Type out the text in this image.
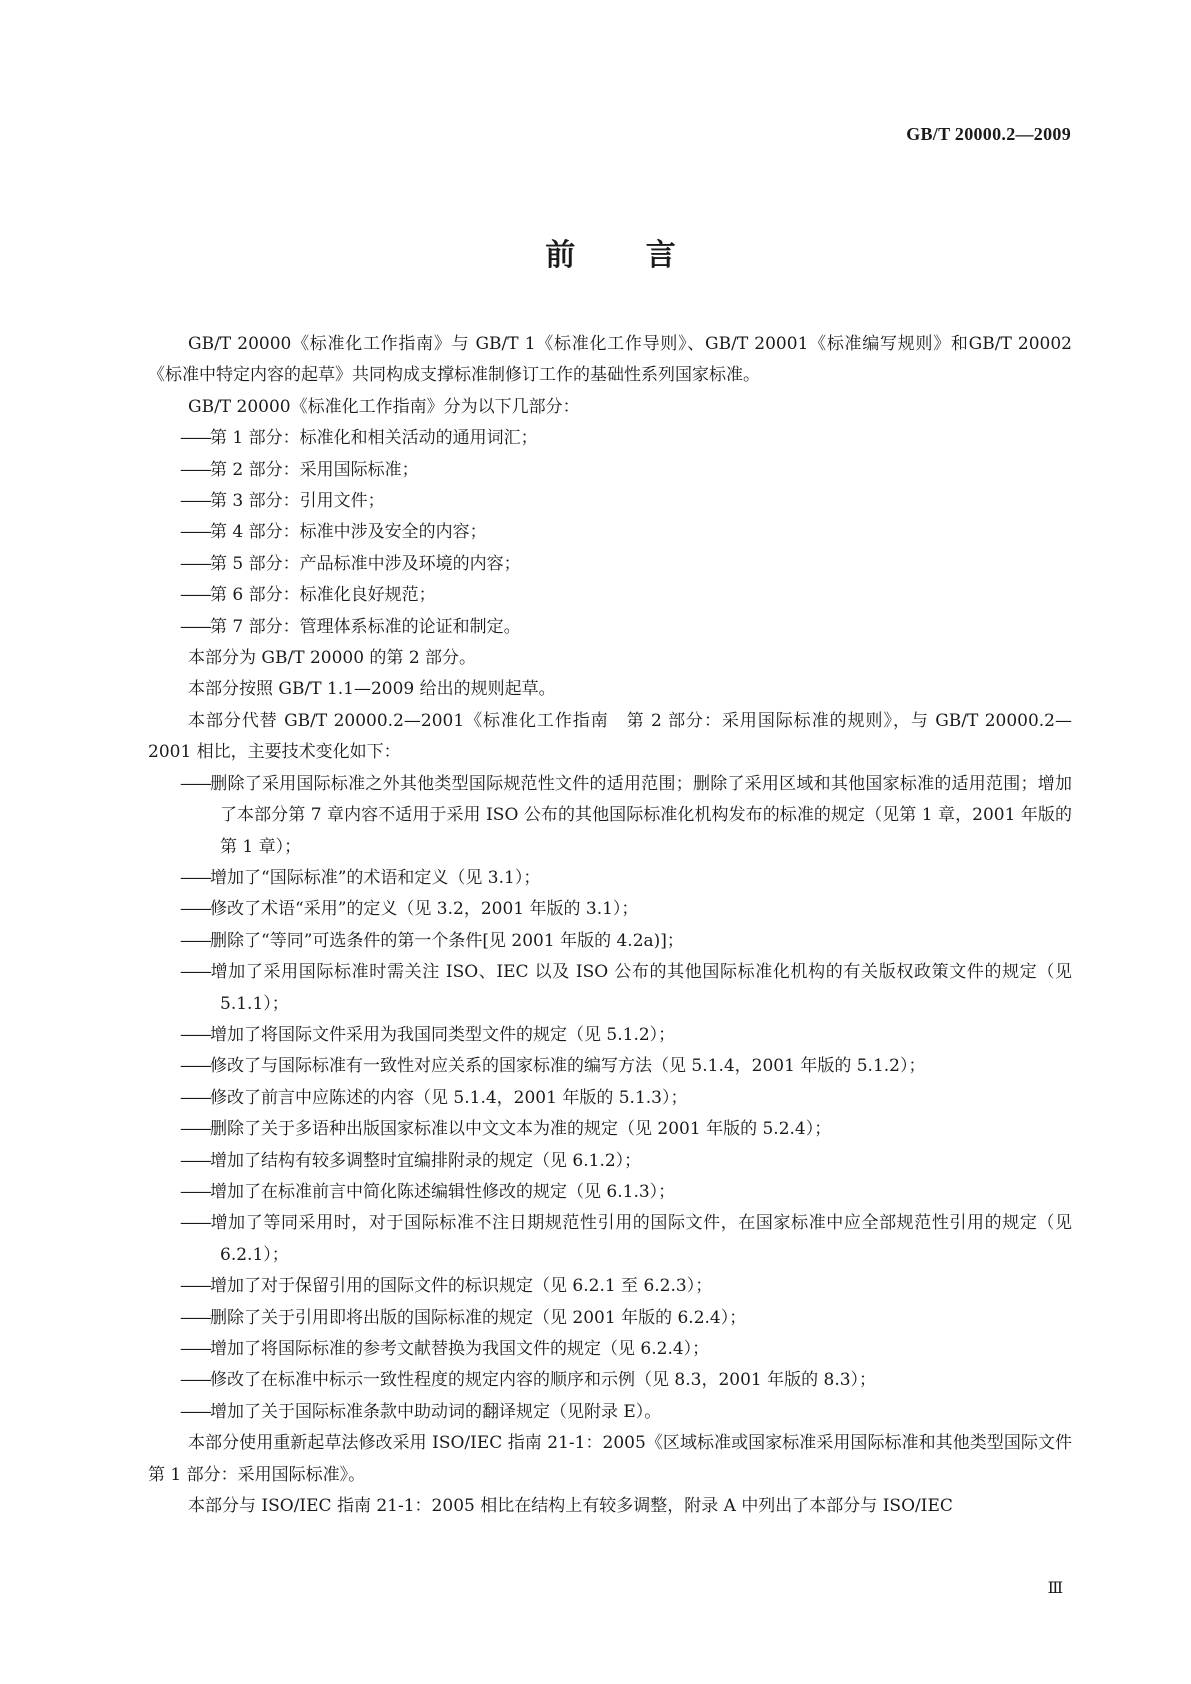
GB/T 20000.2—2009
前 言

GB/T 20000《标准化工作指南》与 GB/T 1《标准化工作导则》、GB/T 20001《标准编写规则》和GB/T 20002《标准中特定内容的起草》共同构成支撑标准制修订工作的基础性系列国家标准。

GB/T 20000《标准化工作指南》分为以下几部分：

——第 1 部分：标准化和相关活动的通用词汇；

——第 2 部分：采用国际标准；

——第 3 部分：引用文件；

——第 4 部分：标准中涉及安全的内容；

——第 5 部分：产品标准中涉及环境的内容；

——第 6 部分：标准化良好规范；

——第 7 部分：管理体系标准的论证和制定。

本部分为 GB/T 20000 的第 2 部分。

本部分按照 GB/T 1.1—2009 给出的规则起草。

本部分代替 GB/T 20000.2—2001《标准化工作指南　第 2 部分：采用国际标准的规则》，与 GB/T 20000.2—2001 相比，主要技术变化如下：

——删除了采用国际标准之外其他类型国际规范性文件的适用范围；删除了采用区域和其他国家标准的适用范围；增加了本部分第 7 章内容不适用于采用 ISO 公布的其他国际标准化机构发布的标准的规定（见第 1 章，2001 年版的第 1 章）；

——增加了“国际标准”的术语和定义（见 3.1）；

——修改了术语“采用”的定义（见 3.2，2001 年版的 3.1）；

——删除了“等同”可选条件的第一个条件[见 2001 年版的 4.2a)]；

——增加了采用国际标准时需关注 ISO、IEC 以及 ISO 公布的其他国际标准化机构的有关版权政策文件的规定（见 5.1.1）；

——增加了将国际文件采用为我国同类型文件的规定（见 5.1.2）；

——修改了与国际标准有一致性对应关系的国家标准的编写方法（见 5.1.4，2001 年版的 5.1.2）；

——修改了前言中应陈述的内容（见 5.1.4，2001 年版的 5.1.3）；

——删除了关于多语种出版国家标准以中文文本为准的规定（见 2001 年版的 5.2.4）；

——增加了结构有较多调整时宜编排附录的规定（见 6.1.2）；

——增加了在标准前言中简化陈述编辑性修改的规定（见 6.1.3）；

——增加了等同采用时，对于国际标准不注日期规范性引用的国际文件，在国家标准中应全部规范性引用的规定（见 6.2.1）；

——增加了对于保留引用的国际文件的标识规定（见 6.2.1 至 6.2.3）；

——删除了关于引用即将出版的国际标准的规定（见 2001 年版的 6.2.4）；

——增加了将国际标准的参考文献替换为我国文件的规定（见 6.2.4）；

——修改了在标准中标示一致性程度的规定内容的顺序和示例（见 8.3，2001 年版的 8.3）；

——增加了关于国际标准条款中助动词的翻译规定（见附录 E）。

本部分使用重新起草法修改采用 ISO/IEC 指南 21-1：2005《区域标准或国家标准采用国际标准和其他类型国际文件　第 1 部分：采用国际标准》。

本部分与 ISO/IEC 指南 21-1：2005 相比在结构上有较多调整，附录 A 中列出了本部分与 ISO/IEC

Ⅲ
